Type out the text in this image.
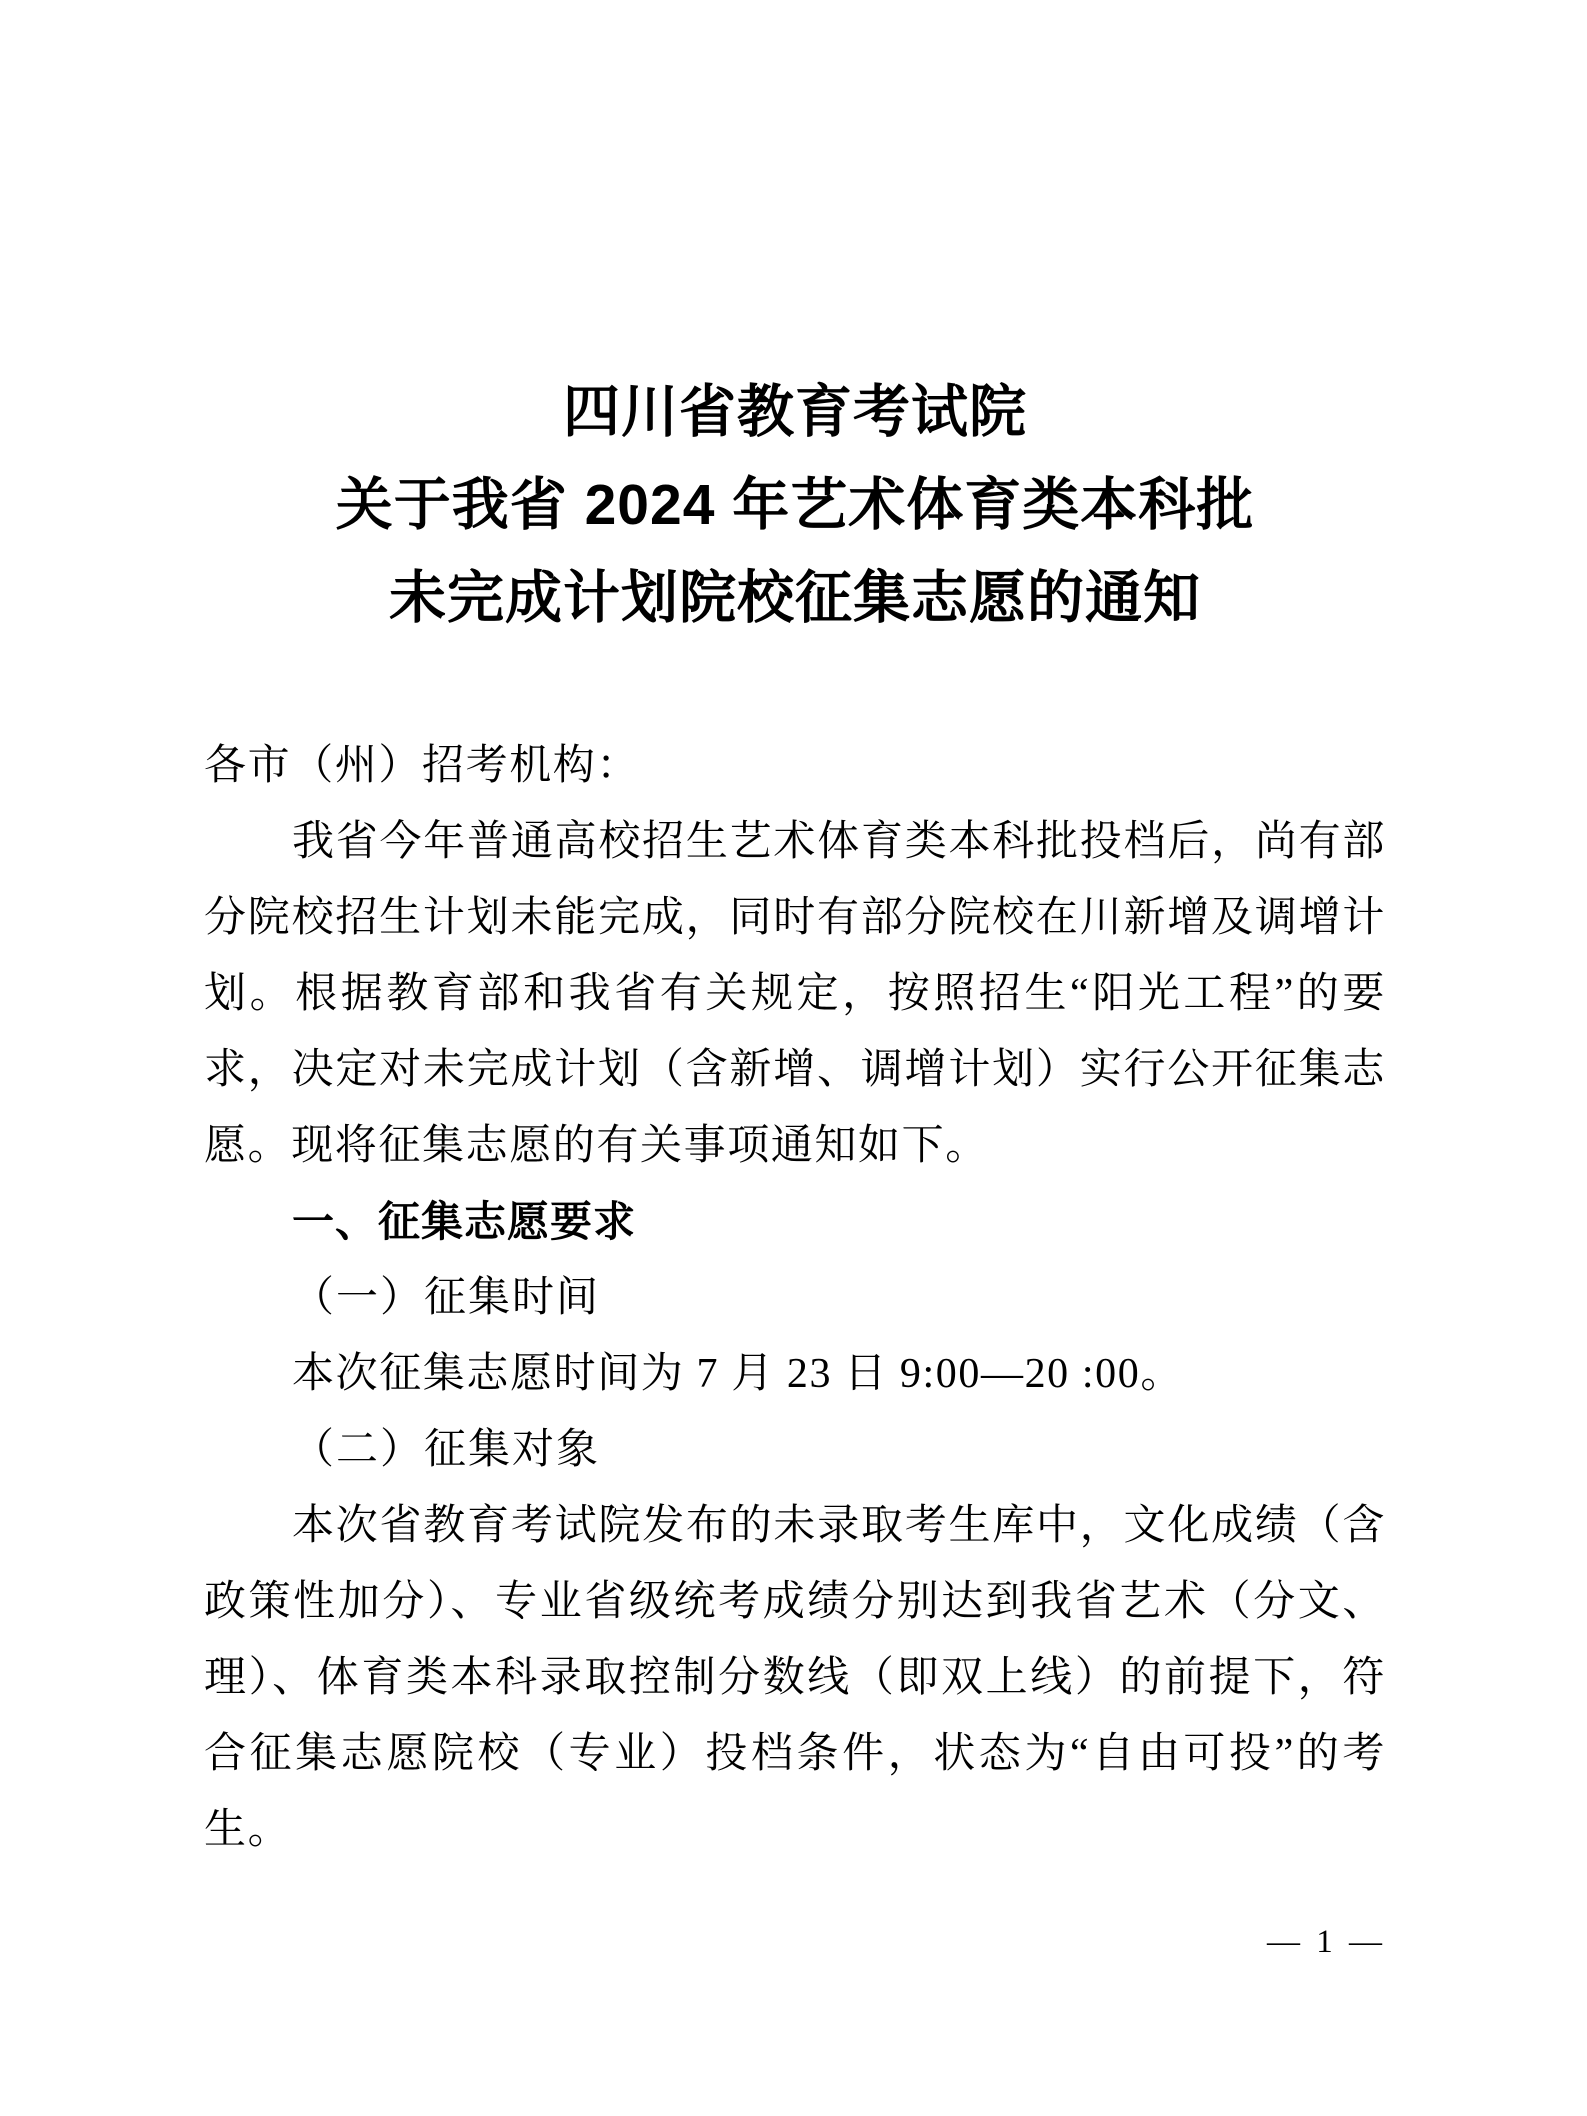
四川省教育考试院
关于我省 2024 年艺术体育类本科批
未完成计划院校征集志愿的通知

各市（州）招考机构：

我省今年普通高校招生艺术体育类本科批投档后，尚有部分院校招生计划未能完成，同时有部分院校在川新增及调增计划。根据教育部和我省有关规定，按照招生“阳光工程”的要求，决定对未完成计划（含新增、调增计划）实行公开征集志愿。现将征集志愿的有关事项通知如下。

一、征集志愿要求

（一）征集时间

本次征集志愿时间为 7 月 23 日 9:00—20 :00。

（二）征集对象

本次省教育考试院发布的未录取考生库中，文化成绩（含政策性加分）、专业省级统考成绩分别达到我省艺术（分文、理）、体育类本科录取控制分数线（即双上线）的前提下，符合征集志愿院校（专业）投档条件，状态为“自由可投”的考生。

— 1 —
